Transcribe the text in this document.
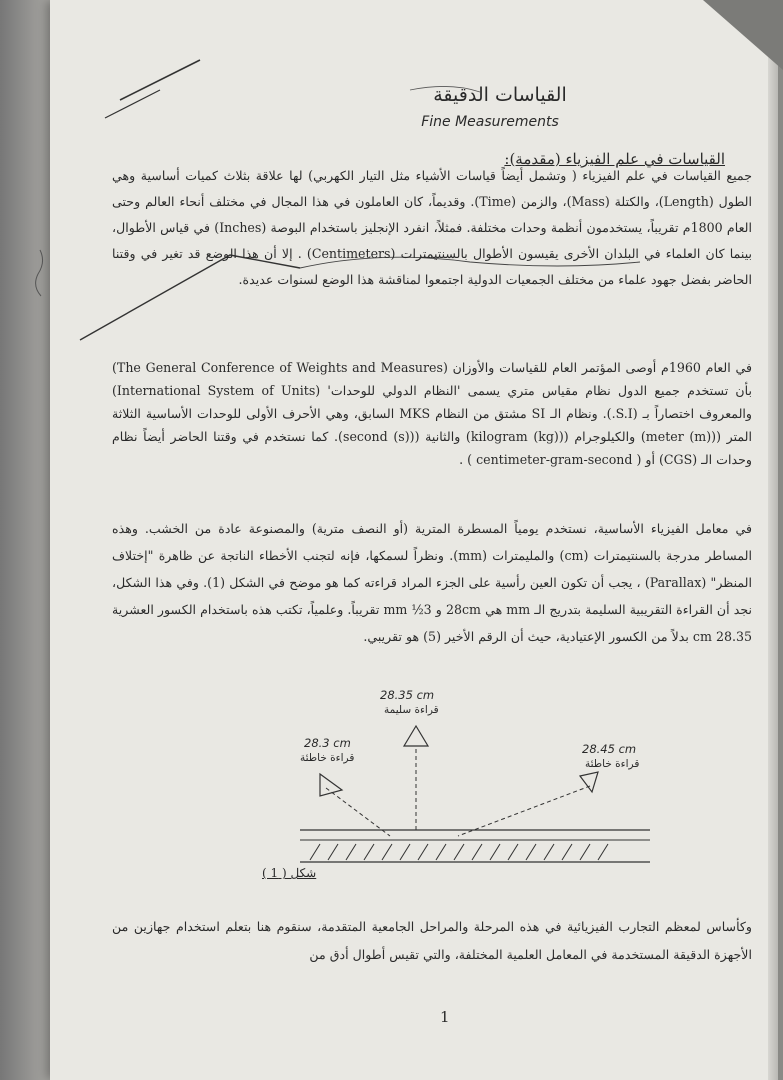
القياسات الدقيقة
Fine Measurements
القياسات في علم الفيزياء (مقدمة):
جميع القياسات في علم الفيزياء ( وتشمل أيضاً قياسات الأشياء مثل التيار الكهربي) لها علاقة بثلاث كميات أساسية وهي الطول (Length)، والكتلة (Mass)، والزمن (Time). وقديماً، كان العاملون في هذا المجال في مختلف أنحاء العالم وحتى العام 1800م تقريباً، يستخدمون أنظمة وحدات مختلفة. فمثلاً، انفرد الإنجليز باستخدام البوصة (Inches) في قياس الأطوال، بينما كان العلماء في البلدان الأخرى يقيسون الأطوال بالسنتيمترات (Centimeters) . إلا أن هذا الوضع قد تغير في وقتنا الحاضر بفضل جهود علماء من مختلف الجمعيات الدولية اجتمعوا لمناقشة هذا الوضع لسنوات عديدة.
في العام 1960م أوصى المؤتمر العام للقياسات والأوزان (The General Conference of Weights and Measures) بأن تستخدم جميع الدول نظام مقياس متري يسمى 'النظام الدولي للوحدات' (International System of Units) والمعروف اختصاراً بـ (S.I.). ونظام الـ SI مشتق من النظام MKS السابق، وهي الأحرف الأولى للوحدات الأساسية الثلاثة المتر ((meter (m)) والكيلوجرام ((kilogram (kg)) والثانية ((second (s)). كما نستخدم في وقتنا الحاضر أيضاً نظام وحدات الـ (CGS) أو ( centimeter-gram-second ) .
في معامل الفيزياء الأساسية، نستخدم يومياً المسطرة المترية (أو النصف مترية) والمصنوعة عادة من الخشب. وهذه المساطر مدرجة بالسنتيمترات (cm) والمليمترات (mm). ونظراً لسمكها، فإنه لتجنب الأخطاء الناتجة عن ظاهرة "إختلاف المنظر" (Parallax) ، يجب أن تكون العين رأسية على الجزء المراد قراءته كما هو موضح في الشكل (1). وفي هذا الشكل، نجد أن القراءة التقريبية السليمة بتدريج الـ mm هي 28cm و 3½ mm تقريباً. وعلمياً، تكتب هذه باستخدام الكسور العشرية 28.35 cm بدلاً من الكسور الإعتيادية، حيث أن الرقم الأخير (5) هو تقريبي.
28.35 cm
قراءة سليمة
28.3 cm
قراءة خاطئة
28.45 cm
قراءة خاطئة
شكل ( 1 )
وكأساس لمعظم التجارب الفيزيائية في هذه المرحلة والمراحل الجامعية المتقدمة، سنقوم هنا بتعلم استخدام جهازين من الأجهزة الدقيقة المستخدمة في المعامل العلمية المختلفة، والتي تقيس أطوال أدق من
1
